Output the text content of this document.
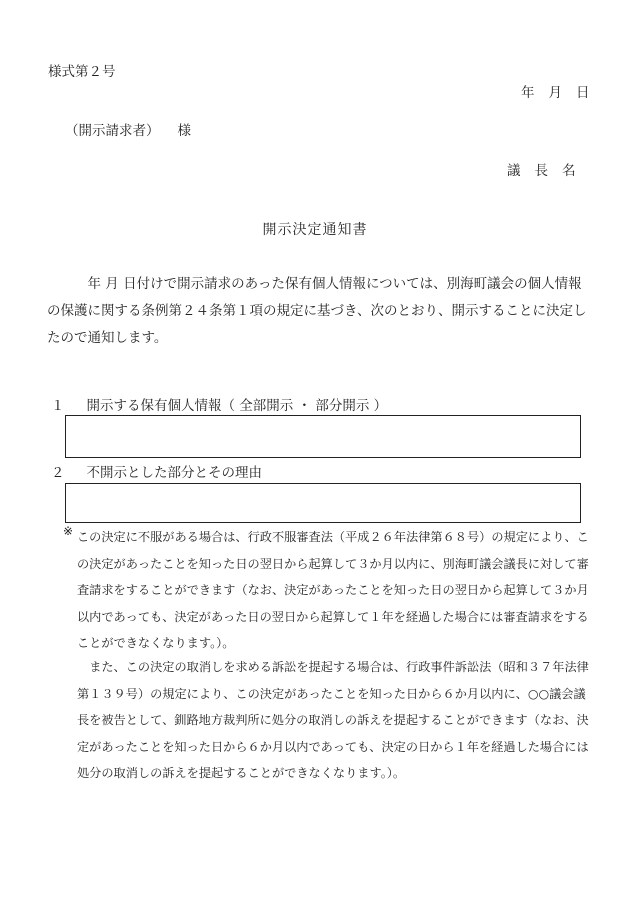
様式第２号
年 月 日
（開示請求者） 様
議 長 名
開示決定通知書
年 月 日付けで開示請求のあった保有個人情報については、別海町議会の個人情報の保護に関する条例第２４条第１項の規定に基づき、次のとおり、開示することに決定したので通知します。
１ 開示する保有個人情報（ 全部開示 ・ 部分開示 ）
２ 不開示とした部分とその理由
※ この決定に不服がある場合は、行政不服審査法（平成２６年法律第６８号）の規定により、この決定があったことを知った日の翌日から起算して３か月以内に、別海町議会議長に対して審査請求をすることができます（なお、決定があったことを知った日の翌日から起算して３か月以内であっても、決定があった日の翌日から起算して１年を経過した場合には審査請求をすることができなくなります。）。
また、この決定の取消しを求める訴訟を提起する場合は、行政事件訴訟法（昭和３７年法律第１３９号）の規定により、この決定があったことを知った日から６か月以内に、○○議会議長を被告として、釧路地方裁判所に処分の取消しの訴えを提起することができます（なお、決定があったことを知った日から６か月以内であっても、決定の日から１年を経過した場合には処分の取消しの訴えを提起することができなくなります。）。
